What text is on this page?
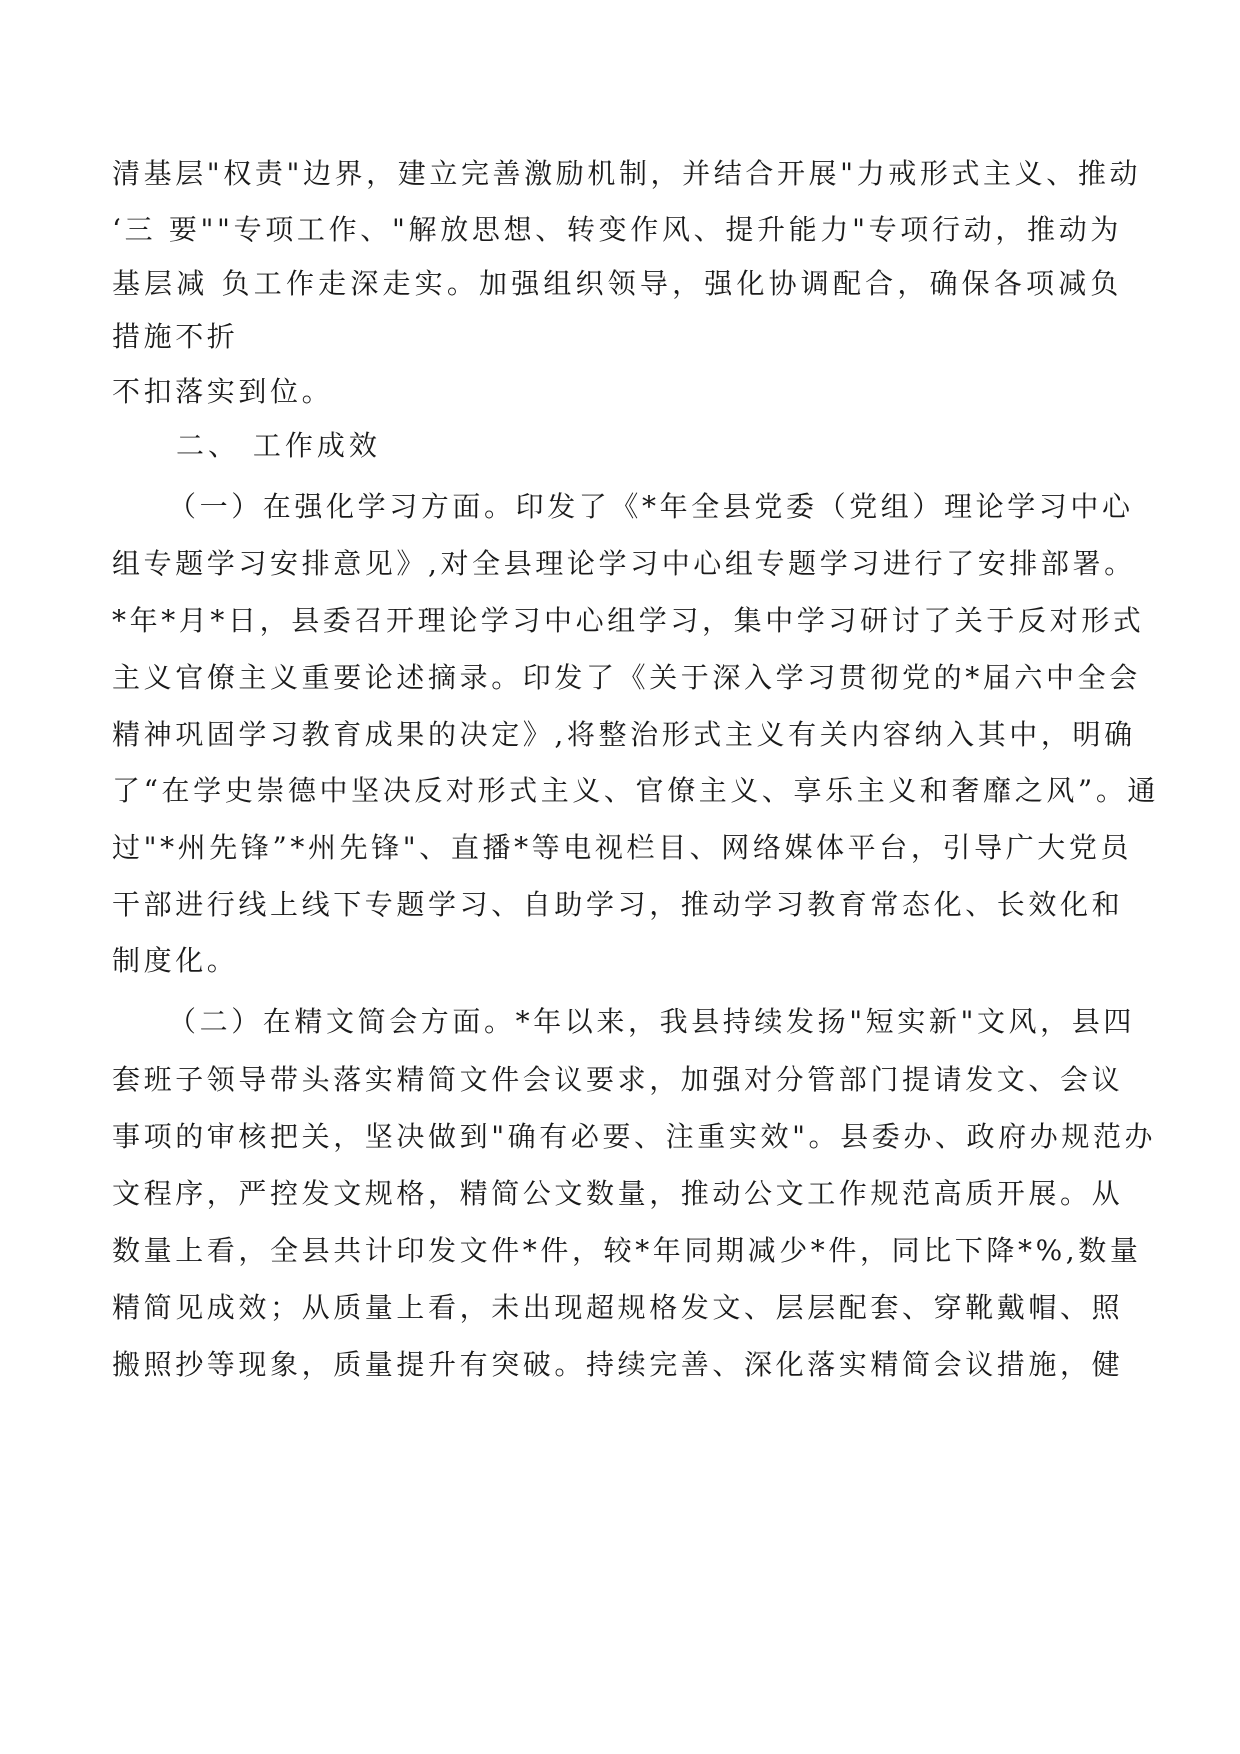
清基层"权责"边界，建立完善激励机制，并结合开展"力戒形式主义、推动
‘三 要""专项工作、"解放思想、转变作风、提升能力"专项行动，推动为
基层减 负工作走深走实。加强组织领导，强化协调配合，确保各项减负
措施不折
不扣落实到位。
二、 工作成效
（一）在强化学习方面。印发了《*年全县党委（党组）理论学习中心
组专题学习安排意见》,对全县理论学习中心组专题学习进行了安排部署。
*年*月*日，县委召开理论学习中心组学习，集中学习研讨了关于反对形式
主义官僚主义重要论述摘录。印发了《关于深入学习贯彻党的*届六中全会
精神巩固学习教育成果的决定》,将整治形式主义有关内容纳入其中，明确
了“在学史崇德中坚决反对形式主义、官僚主义、享乐主义和奢靡之风”。通
过"*州先锋”*州先锋"、直播*等电视栏目、网络媒体平台，引导广大党员
干部进行线上线下专题学习、自助学习，推动学习教育常态化、长效化和
制度化。
（二）在精文简会方面。*年以来，我县持续发扬"短实新"文风，县四
套班子领导带头落实精简文件会议要求，加强对分管部门提请发文、会议
事项的审核把关，坚决做到"确有必要、注重实效"。县委办、政府办规范办
文程序，严控发文规格，精简公文数量，推动公文工作规范高质开展。从
数量上看，全县共计印发文件*件，较*年同期减少*件，同比下降*%,数量
精简见成效；从质量上看，未出现超规格发文、层层配套、穿靴戴帽、照
搬照抄等现象，质量提升有突破。持续完善、深化落实精简会议措施，健
